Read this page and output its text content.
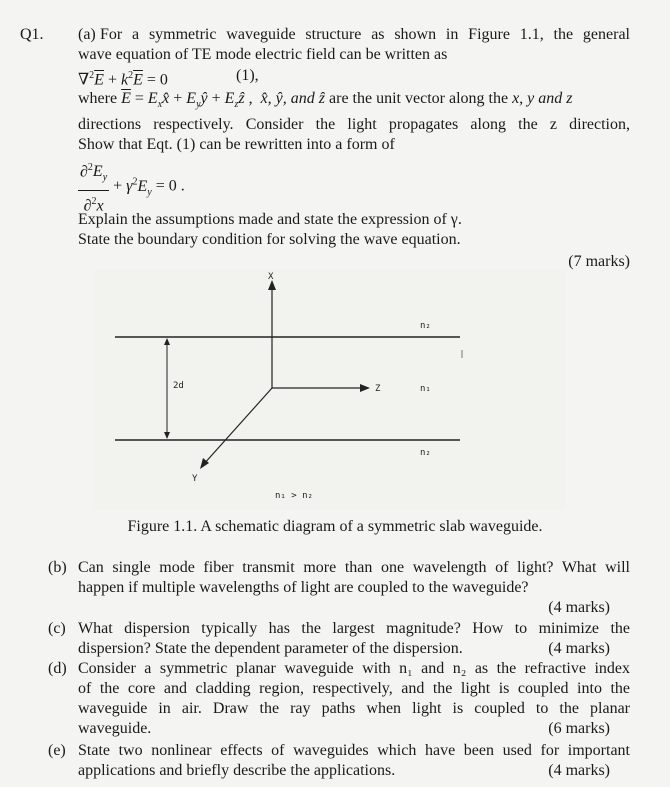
Q1. (a) For a symmetric waveguide structure as shown in Figure 1.1, the general
wave equation of TE mode electric field can be written as
$\nabla^2\overline{E} + k^2\overline{E} = 0$	(1),
where $\overline{E}$ = $E_xx̂$ + $E_yŷ$ + $E_zẑ$ ,  x̂, ŷ, and ẑ are the unit vector along the x, y and z
directions respectively. Consider the light propagates along the z direction,
Show that Eqt. (1) can be rewritten into a form of
$\frac{\partial^2E_y}{\partial^2x} + \gamma^2E_y = 0$ .
Explain the assumptions made and state the expression of γ.
State the boundary condition for solving the wave equation.
(7 marks)
X
Z
Y
2d
n₂
n₁
n₂
n₁ > n₂
Figure 1.1. A schematic diagram of a symmetric slab waveguide.
(b) Can single mode fiber transmit more than one wavelength of light? What will
happen if multiple wavelengths of light are coupled to the waveguide?
(4 marks)
(c) What dispersion typically has the largest magnitude? How to minimize the
dispersion? State the dependent parameter of the dispersion.	(4 marks)
(d) Consider a symmetric planar waveguide with n₁ and n₂ as the refractive index
of the core and cladding region, respectively, and the light is coupled into the
waveguide in air. Draw the ray paths when light is coupled to the planar
waveguide.	(6 marks)
(e) State two nonlinear effects of waveguides which have been used for important
applications and briefly describe the applications.	(4 marks)
